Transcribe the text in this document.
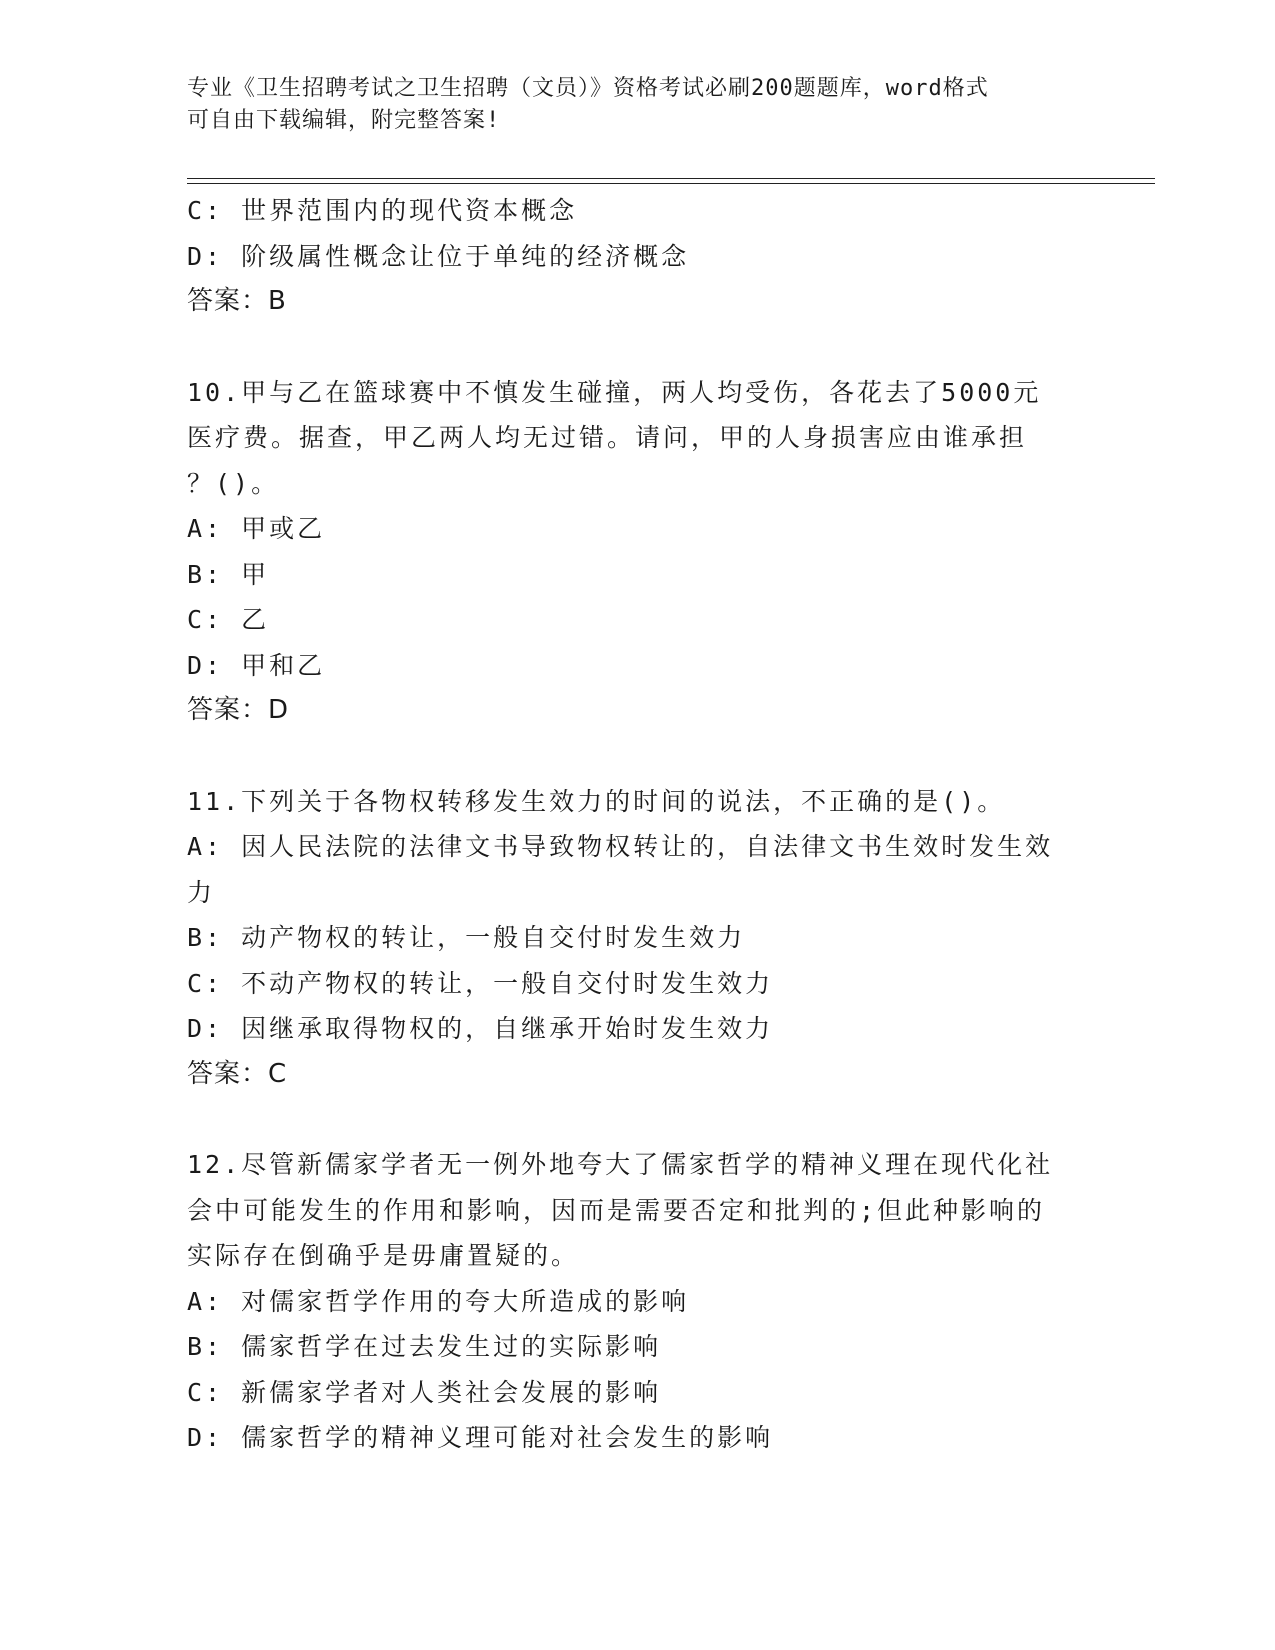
专业《卫生招聘考试之卫生招聘（文员）》资格考试必刷200题题库，word格式

可自由下载编辑，附完整答案!

C: 世界范围内的现代资本概念
D: 阶级属性概念让位于单纯的经济概念
答案：B
10.甲与乙在篮球赛中不慎发生碰撞，两人均受伤，各花去了5000元
医疗费。据查，甲乙两人均无过错。请问，甲的人身损害应由谁承担
？()。
A: 甲或乙
B: 甲
C: 乙
D: 甲和乙
答案：D
11.下列关于各物权转移发生效力的时间的说法，不正确的是()。
A: 因人民法院的法律文书导致物权转让的，自法律文书生效时发生效
力
B: 动产物权的转让，一般自交付时发生效力
C: 不动产物权的转让，一般自交付时发生效力
D: 因继承取得物权的，自继承开始时发生效力
答案：C
12.尽管新儒家学者无一例外地夸大了儒家哲学的精神义理在现代化社
会中可能发生的作用和影响，因而是需要否定和批判的;但此种影响的
实际存在倒确乎是毋庸置疑的。
A: 对儒家哲学作用的夸大所造成的影响
B: 儒家哲学在过去发生过的实际影响
C: 新儒家学者对人类社会发展的影响
D: 儒家哲学的精神义理可能对社会发生的影响
